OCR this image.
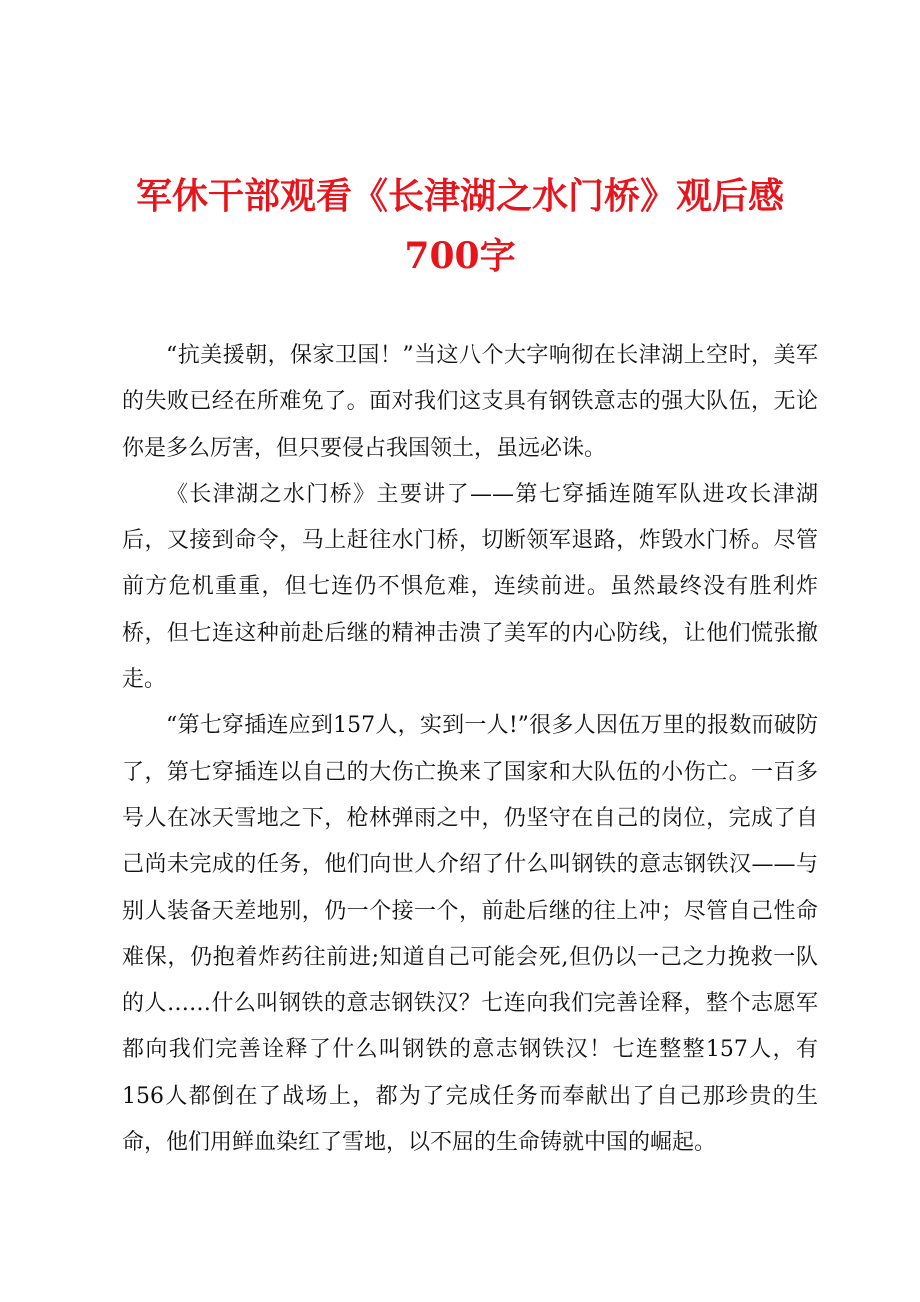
军休干部观看《长津湖之水门桥》观后感700字

“抗美援朝，保家卫国！”当这八个大字响彻在长津湖上空时，美军的失败已经在所难免了。面对我们这支具有钢铁意志的强大队伍，无论你是多么厉害，但只要侵占我国领土，虽远必诛。

《长津湖之水门桥》主要讲了——第七穿插连随军队进攻长津湖后，又接到命令，马上赶往水门桥，切断领军退路，炸毁水门桥。尽管前方危机重重，但七连仍不惧危难，连续前进。虽然最终没有胜利炸桥，但七连这种前赴后继的精神击溃了美军的内心防线，让他们慌张撤走。

“第七穿插连应到157人，实到一人!”很多人因伍万里的报数而破防了，第七穿插连以自己的大伤亡换来了国家和大队伍的小伤亡。一百多号人在冰天雪地之下，枪林弹雨之中，仍坚守在自己的岗位，完成了自己尚未完成的任务，他们向世人介绍了什么叫钢铁的意志钢铁汉——与别人装备天差地别，仍一个接一个，前赴后继的往上冲；尽管自己性命难保，仍抱着炸药往前进;知道自己可能会死,但仍以一己之力挽救一队的人……什么叫钢铁的意志钢铁汉？七连向我们完善诠释，整个志愿军都向我们完善诠释了什么叫钢铁的意志钢铁汉！七连整整157人，有156人都倒在了战场上，都为了完成任务而奉献出了自己那珍贵的生命，他们用鲜血染红了雪地，以不屈的生命铸就中国的崛起。
